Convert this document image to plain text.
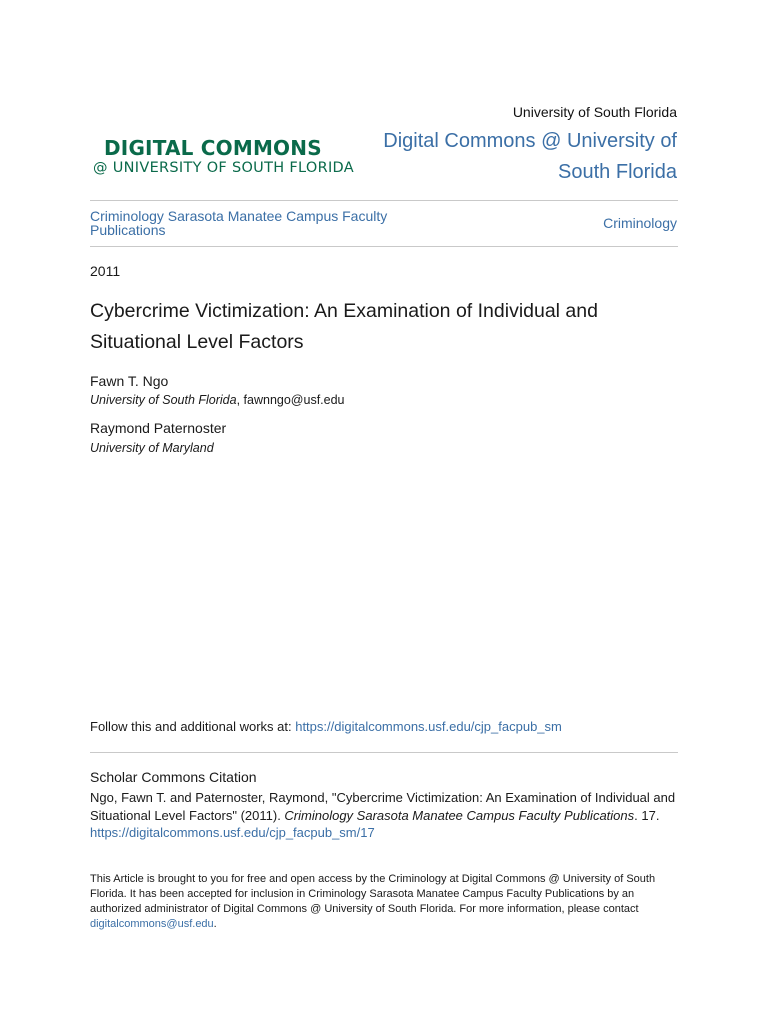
DIGITAL COMMONS
@ UNIVERSITY OF SOUTH FLORIDA
University of South Florida
Digital Commons @ University of South Florida
Criminology Sarasota Manatee Campus Faculty Publications	Criminology
2011
Cybercrime Victimization: An Examination of Individual and Situational Level Factors
Fawn T. Ngo
University of South Florida, fawnngo@usf.edu
Raymond Paternoster
University of Maryland
Follow this and additional works at: https://digitalcommons.usf.edu/cjp_facpub_sm
Scholar Commons Citation
Ngo, Fawn T. and Paternoster, Raymond, "Cybercrime Victimization: An Examination of Individual and Situational Level Factors" (2011). Criminology Sarasota Manatee Campus Faculty Publications. 17.
https://digitalcommons.usf.edu/cjp_facpub_sm/17
This Article is brought to you for free and open access by the Criminology at Digital Commons @ University of South Florida. It has been accepted for inclusion in Criminology Sarasota Manatee Campus Faculty Publications by an authorized administrator of Digital Commons @ University of South Florida. For more information, please contact digitalcommons@usf.edu.
